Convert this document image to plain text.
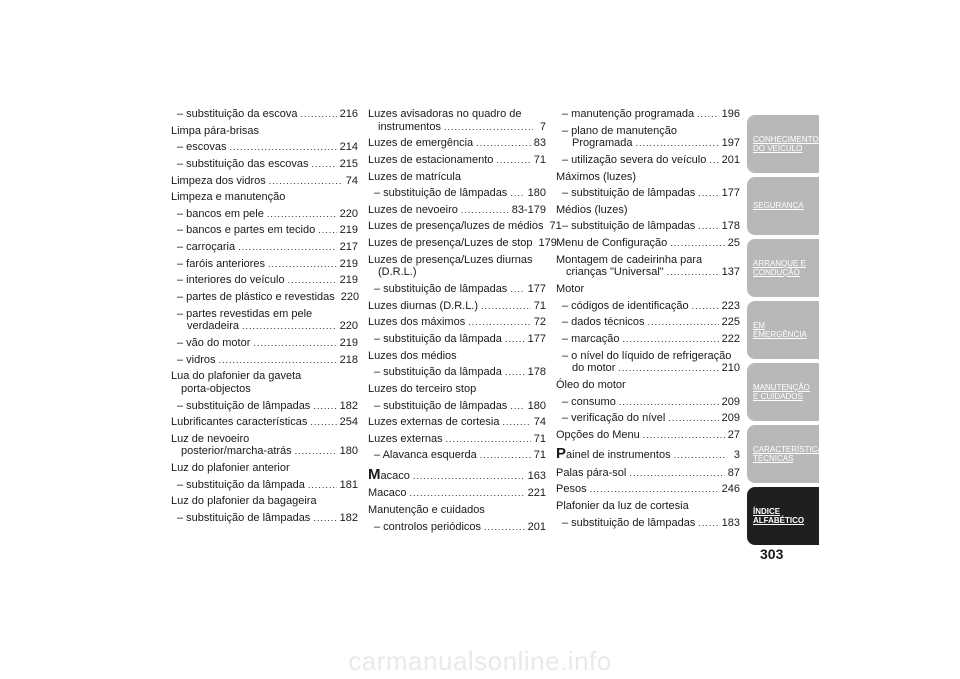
– substituição da escova .....	216
Limpa pára-brisas
– escovas .....	214
– substituição das escovas .....	215
Limpeza dos vidros .....	74
Limpeza e manutenção
– bancos em pele .....	220
– bancos e partes em tecido ..... 219
– carroçaria .....	217
– faróis anteriores .....	219
– interiores do veículo .....	219
– partes de plástico e revestidas 220
– partes revestidas em pele
verdadeira .....	220
– vão do motor .....	219
– vidros .....	218
Lua do plafonier da gaveta
porta-objectos
– substituição de lâmpadas .....	182
Lubrificantes características .....	254
Luz de nevoeiro
posterior/marcha-atrás .....	180
Luz do plafonier anterior
– substituição da lâmpada .....	181
Luz do plafonier da bagageira
– substituição de lâmpadas .....	182
Luzes avisadoras no quadro de
instrumentos .....	7
Luzes de emergência .....	83
Luzes de estacionamento .....	71
Luzes de matrícula
– substituição de lâmpadas ..... 180
Luzes de nevoeiro .....	83-179
Luzes de presença/luzes de médios 71
Luzes de presença/Luzes de stop 179
Luzes de presença/Luzes diurnas
(D.R.L.)
– substituição de lâmpadas ..... 177
Luzes diurnas (D.R.L.) .....	71
Luzes dos máximos .....	72
– substituição da lâmpada ..... 177
Luzes dos médios
– substituição da lâmpada ..... 178
Luzes do terceiro stop
– substituição de lâmpadas ..... 180
Luzes externas de cortesia .....	74
Luzes externas .....	71
– Alavanca esquerda .....	71
Macaco .....	163
Macaco .....	221
Manutenção e cuidados
– controlos periódicos .....	201
– manutenção programada .....	196
– plano de manutenção
Programada .....	197
– utilização severa do veículo ..... 201
Máximos (luzes)
– substituição de lâmpadas ..... 177
Médios (luzes)
– substituição de lâmpadas ..... 178
Menu de Configuração .....	25
Montagem de cadeirinha para
crianças "Universal" .....	137
Motor
– códigos de identificação .....	223
– dados técnicos .....	225
– marcação .....	222
– o nível do líquido de refrigeração
do motor .....	210
Óleo do motor
– consumo .....	209
– verificação do nível .....	209
Opções do Menu .....	27
Painel de instrumentos .....	3
Palas pára-sol .....	87
Pesos .....	246
Plafonier da luz de cortesia
– substituição de lâmpadas ..... 183
CONHECIMENTO DO VEÍCULO
SEGURANÇA
ARRANQUE E CONDUÇÃO
EM EMERGÊNCIA
MANUTENÇÃO E CUIDADOS
CARACTERÍSTICAS TÉCNICAS
ÍNDICE ALFABÉTICO
303
carmanualsonline.info
